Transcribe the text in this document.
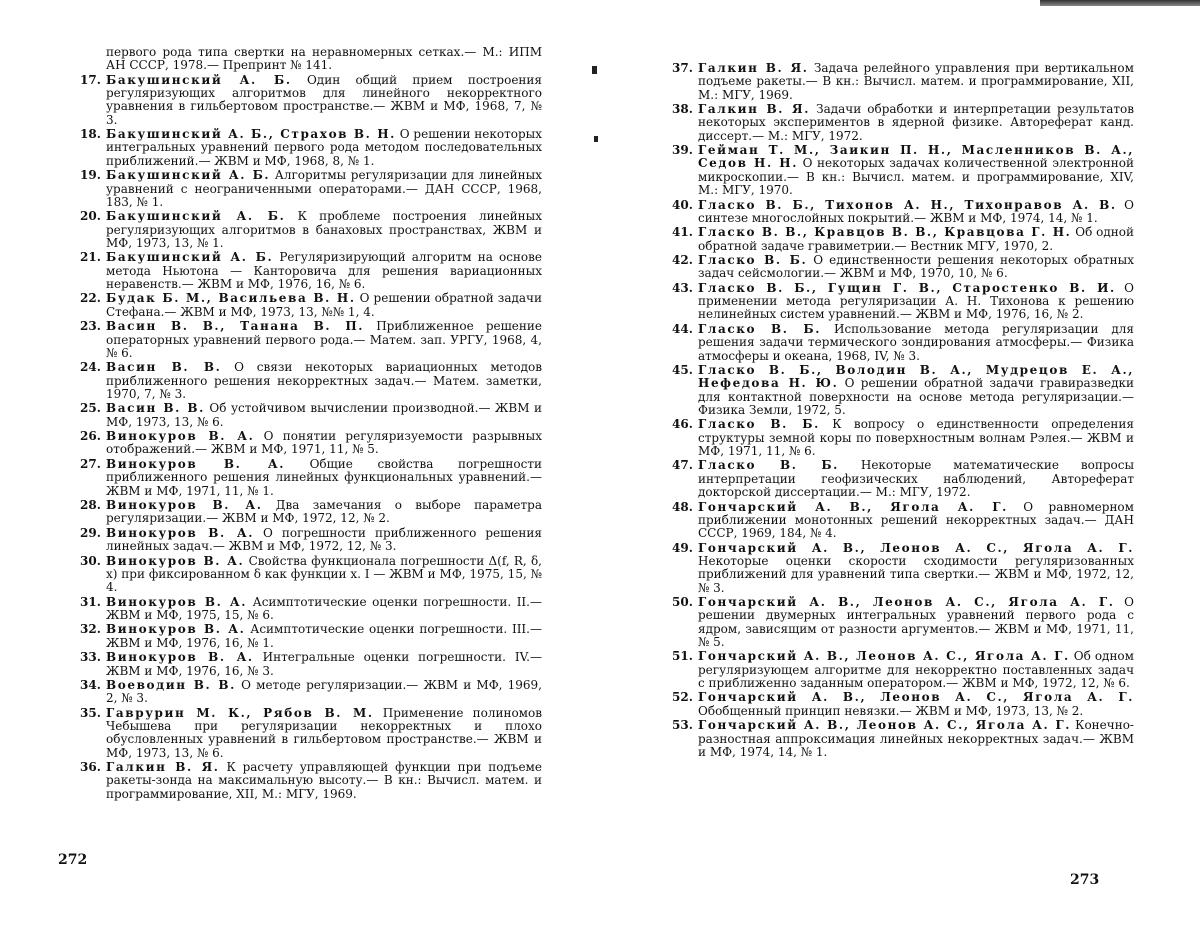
первого рода типа свертки на неравномерных сетках.— М.: ИПМ АН СССР, 1978.— Препринт № 141.
17. Бакушинский А. Б. Один общий прием построения регуляризующих алгоритмов для линейного некорректного уравнения в гильбертовом пространстве.— ЖВМ и МФ, 1968, 7, № 3.
18. Бакушинский А. Б., Страхов В. Н. О решении некоторых интегральных уравнений первого рода методом последовательных приближений.— ЖВМ и МФ, 1968, 8, № 1.
19. Бакушинский А. Б. Алгоритмы регуляризации для линейных уравнений с неограниченными операторами.— ДАН СССР, 1968, 183, № 1.
20. Бакушинский А. Б. К проблеме построения линейных регуляризующих алгоритмов в банаховых пространствах, ЖВМ и МФ, 1973, 13, № 1.
21. Бакушинский А. Б. Регуляризирующий алгоритм на основе метода Ньютона — Канторовича для решения вариационных неравенств.— ЖВМ и МФ, 1976, 16, № 6.
22. Будак Б. М., Васильева В. Н. О решении обратной задачи Стефана.— ЖВМ и МФ, 1973, 13, №№ 1, 4.
23. Васин В. В., Танана В. П. Приближенное решение операторных уравнений первого рода.— Матем. зап. УРГУ, 1968, 4, № 6.
24. Васин В. В. О связи некоторых вариационных методов приближенного решения некорректных задач.— Матем. заметки, 1970, 7, № 3.
25. Васин В. В. Об устойчивом вычислении производной.— ЖВМ и МФ, 1973, 13, № 6.
26. Винокуров В. А. О понятии регуляризуемости разрывных отображений.— ЖВМ и МФ, 1971, 11, № 5.
27. Винокуров В. А. Общие свойства погрешности приближенного решения линейных функциональных уравнений.— ЖВМ и МФ, 1971, 11, № 1.
28. Винокуров В. А. Два замечания о выборе параметра регуляризации.— ЖВМ и МФ, 1972, 12, № 2.
29. Винокуров В. А. О погрешности приближенного решения линейных задач.— ЖВМ и МФ, 1972, 12, № 3.
30. Винокуров В. А. Свойства функционала погрешности Δ(f, R, δ, x) при фиксированном δ как функции x. I — ЖВМ и МФ, 1975, 15, № 4.
31. Винокуров В. А. Асимптотические оценки погрешности. II.— ЖВМ и МФ, 1975, 15, № 6.
32. Винокуров В. А. Асимптотические оценки погрешности. III.— ЖВМ и МФ, 1976, 16, № 1.
33. Винокуров В. А. Интегральные оценки погрешности. IV.— ЖВМ и МФ, 1976, 16, № 3.
34. Воеводин В. В. О методе регуляризации.— ЖВМ и МФ, 1969, 2, № 3.
35. Гаврурин М. К., Рябов В. М. Применение полиномов Чебышева при регуляризации некорректных и плохо обусловленных уравнений в гильбертовом пространстве.— ЖВМ и МФ, 1973, 13, № 6.
36. Галкин В. Я. К расчету управляющей функции при подъеме ракеты-зонда на максимальную высоту.— В кн.: Вычисл. матем. и программирование, XII, М.: МГУ, 1969.
272
37. Галкин В. Я. Задача релейного управления при вертикальном подъеме ракеты.— В кн.: Вычисл. матем. и программирование, XII, М.: МГУ, 1969.
38. Галкин В. Я. Задачи обработки и интерпретации результатов некоторых экспериментов в ядерной физике. Автореферат канд. диссерт.— М.: МГУ, 1972.
39. Гейман Т. М., Заикин П. Н., Масленников В. А., Седов Н. Н. О некоторых задачах количественной электронной микроскопии.— В кн.: Вычисл. матем. и программирование, XIV, М.: МГУ, 1970.
40. Гласко В. Б., Тихонов А. Н., Тихонравов А. В. О синтезе многослойных покрытий.— ЖВМ и МФ, 1974, 14, № 1.
41. Гласко В. В., Кравцов В. В., Кравцова Г. Н. Об одной обратной задаче гравиметрии.— Вестник МГУ, 1970, 2.
42. Гласко В. Б. О единственности решения некоторых обратных задач сейсмологии.— ЖВМ и МФ, 1970, 10, № 6.
43. Гласко В. Б., Гущин Г. В., Старостенко В. И. О применении метода регуляризации А. Н. Тихонова к решению нелинейных систем уравнений.— ЖВМ и МФ, 1976, 16, № 2.
44. Гласко В. Б. Использование метода регуляризации для решения задачи термического зондирования атмосферы.— Физика атмосферы и океана, 1968, IV, № 3.
45. Гласко В. Б., Володин В. А., Мудрецов Е. А., Нефедова Н. Ю. О решении обратной задачи гравиразведки для контактной поверхности на основе метода регуляризации.— Физика Земли, 1972, 5.
46. Гласко В. Б. К вопросу о единственности определения структуры земной коры по поверхностным волнам Рэлея.— ЖВМ и МФ, 1971, 11, № 6.
47. Гласко В. Б. Некоторые математические вопросы интерпретации геофизических наблюдений, Автореферат докторской диссертации.— М.: МГУ, 1972.
48. Гончарский А. В., Ягола А. Г. О равномерном приближении монотонных решений некорректных задач.— ДАН СССР, 1969, 184, № 4.
49. Гончарский А. В., Леонов А. С., Ягола А. Г. Некоторые оценки скорости сходимости регуляризованных приближений для уравнений типа свертки.— ЖВМ и МФ, 1972, 12, № 3.
50. Гончарский А. В., Леонов А. С., Ягола А. Г. О решении двумерных интегральных уравнений первого рода с ядром, зависящим от разности аргументов.— ЖВМ и МФ, 1971, 11, № 5.
51. Гончарский А. В., Леонов А. С., Ягола А. Г. Об одном регуляризующем алгоритме для некорректно поставленных задач с приближенно заданным оператором.— ЖВМ и МФ, 1972, 12, № 6.
52. Гончарский А. В., Леонов А. С., Ягола А. Г. Обобщенный принцип невязки.— ЖВМ и МФ, 1973, 13, № 2.
53. Гончарский А. В., Леонов А. С., Ягола А. Г. Конечно-разностная аппроксимация линейных некорректных задач.— ЖВМ и МФ, 1974, 14, № 1.
273
